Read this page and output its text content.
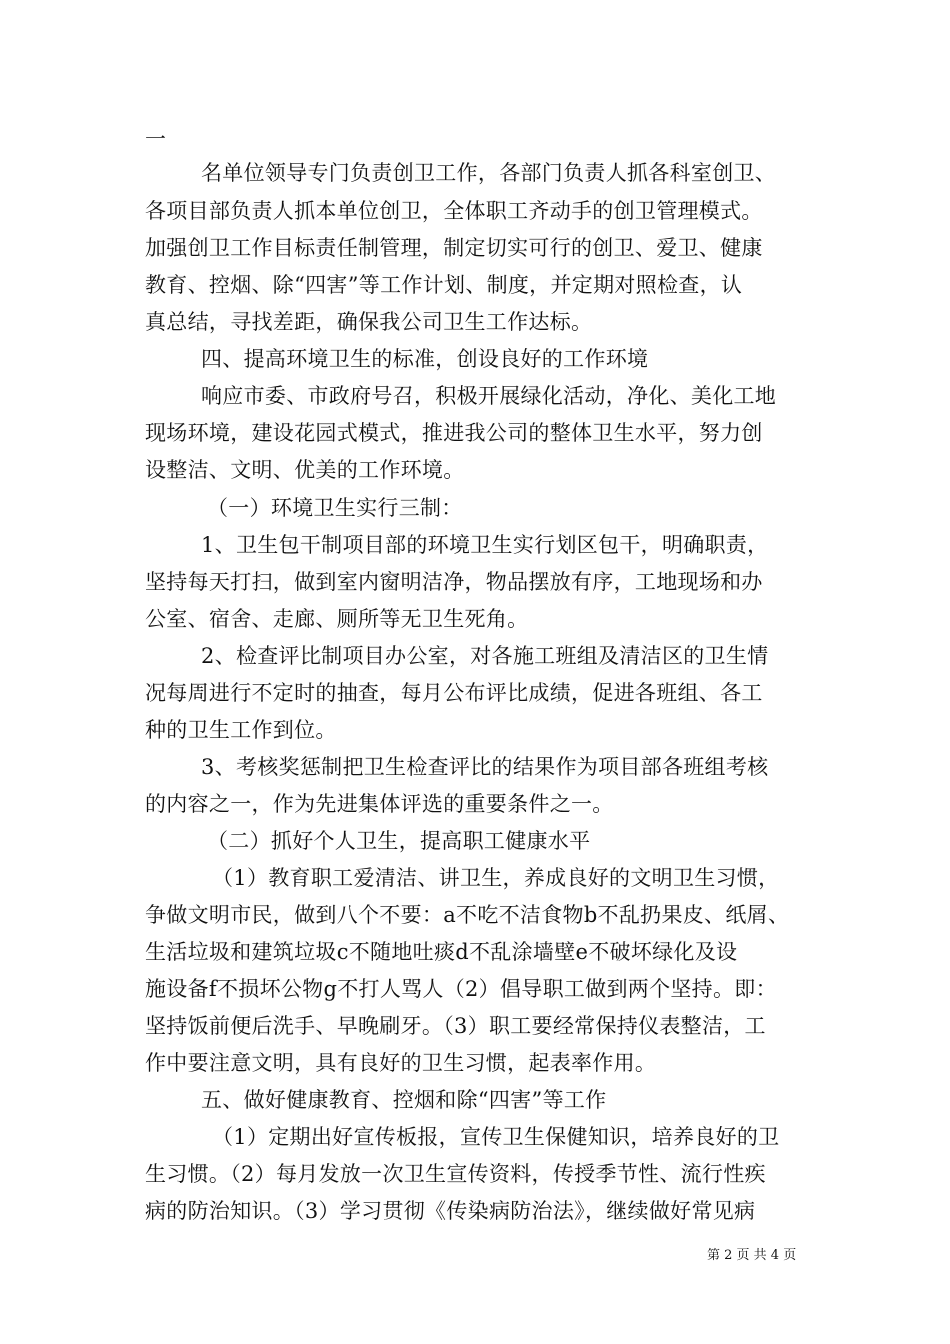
一
名单位领导专门负责创卫工作，各部门负责人抓各科室创卫、
各项目部负责人抓本单位创卫，全体职工齐动手的创卫管理模式。
加强创卫工作目标责任制管理，制定切实可行的创卫、爱卫、健康
教育、控烟、除“四害”等工作计划、制度，并定期对照检查，认
真总结，寻找差距，确保我公司卫生工作达标。
四、提高环境卫生的标准，创设良好的工作环境
响应市委、市政府号召，积极开展绿化活动，净化、美化工地
现场环境，建设花园式模式，推进我公司的整体卫生水平，努力创
设整洁、文明、优美的工作环境。
（一）环境卫生实行三制：
1、卫生包干制项目部的环境卫生实行划区包干，明确职责，
坚持每天打扫，做到室内窗明洁净，物品摆放有序，工地现场和办
公室、宿舍、走廊、厕所等无卫生死角。
2、检查评比制项目办公室，对各施工班组及清洁区的卫生情
况每周进行不定时的抽查，每月公布评比成绩，促进各班组、各工
种的卫生工作到位。
3、考核奖惩制把卫生检查评比的结果作为项目部各班组考核
的内容之一，作为先进集体评选的重要条件之一。
（二）抓好个人卫生，提高职工健康水平
（1）教育职工爱清洁、讲卫生，养成良好的文明卫生习惯，
争做文明市民，做到八个不要：a不吃不洁食物b不乱扔果皮、纸屑、
生活垃圾和建筑垃圾c不随地吐痰d不乱涂墙壁e不破坏绿化及设
施设备f不损坏公物g不打人骂人（2）倡导职工做到两个坚持。即：
坚持饭前便后洗手、早晚刷牙。（3）职工要经常保持仪表整洁，工
作中要注意文明，具有良好的卫生习惯，起表率作用。
五、做好健康教育、控烟和除“四害”等工作
（1）定期出好宣传板报，宣传卫生保健知识，培养良好的卫
生习惯。（2）每月发放一次卫生宣传资料，传授季节性、流行性疾
病的防治知识。（3）学习贯彻《传染病防治法》，继续做好常见病
第 2 页 共 4 页
